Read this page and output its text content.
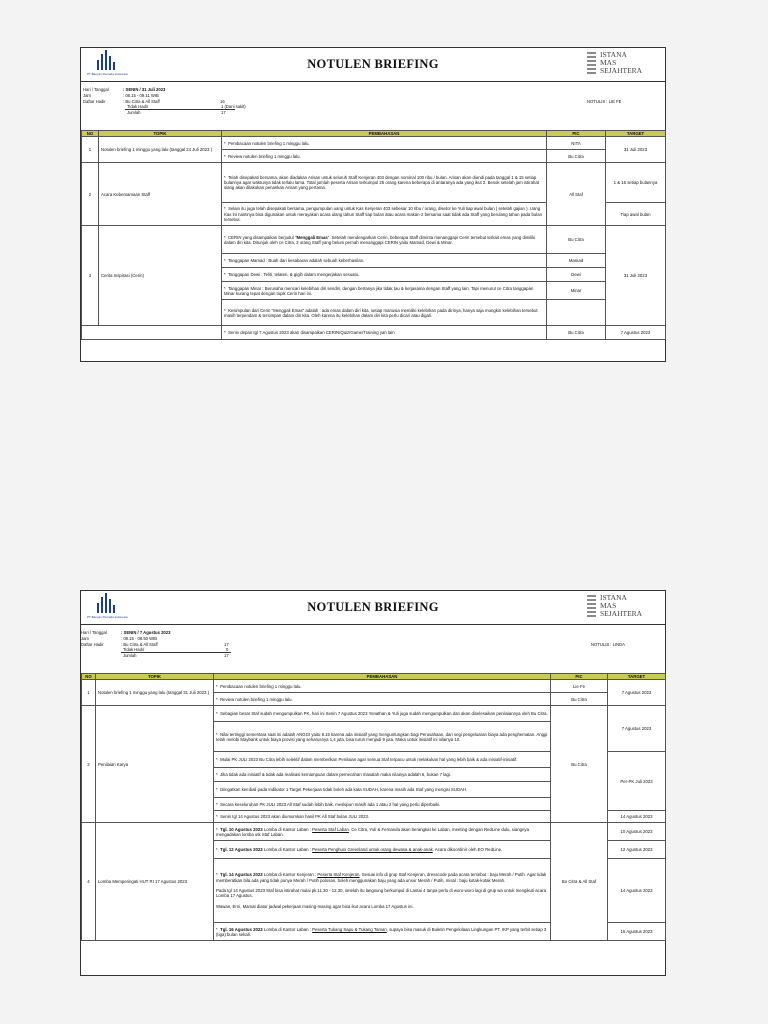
PT Banyan Persada Indonesia
NOTULEN BRIEFING
ISTANA
MAS
SEJAHTERA
Hari / Tanggal	: SENIN / 31 Juli 2023
Jam	: 08.15 - 09.11 WIB
Daftar Hadir	: Bu Citra & All Staff	16
Tidak Hadir	1 (Dani sakit)
Jumlah	17
NOTULIS : LIE FE
NO	TOPIK	PEMBAHASAN	PIC	TARGET
1	Notulen briefing 1 minggu yang lalu (tanggal 24 Juli 2023 )	* Pembacaan notulen briefing 1 minggu lalu.	NITA	31 Juli 2023
		* Review notulen briefing 1 minggu lalu.	Bu Citra	
2	Acara Kebersamaan Staff	* Telah disepakati bersama, akan diadakan Arisan untuk seluruh Staff Kenjeran 403 dengan nominal 100 ribu / bulan. Arisan akan diundi pada tanggal 1 & 15 setiap bulannya agar waktunya tidak terlalu lama. Total jumlah peserta Arisan terkumpul 25 orang karena beberapa di antaranya ada yang ikut 2. Besok setelah jam istirahat siang akan dilakukan penarikan Arisan yang pertama.	All Staf	1 & 15 setiap bulannya
		* Selain itu juga telah disepakati bersama, pengumpulan uang untuk Kas Kenjeran 403 sebesar 10 ribu / orang, disetor ke Yuli tiap awal bulan ( setelah gajian ). Uang Kas ini nantinya bisa digunakan untuk merayakan acara ulang tahun Staff tiap bulan atau acara makan-2 bersama saat tidak ada Staff yang berulang tahun pada bulan tersebut.		Tiap awal bulan
3	Cerita Inspirasi (Cerin)	* CERIN yang disampaikan berjudul "Menggali Emas". Setelah mendengarkan Cerin, beberapa Staff diminta menanggapi Cerin tersebut terkait emas yang dimiliki dalam diri kita. Ditunjuk oleh ce Citra, 3 orang Staff yang belum pernah menanggapi CERIN yaitu Mamad, Dewi & Minar.	Bu Citra	31 Juli 2023
		* Tanggapan Mamad : Buah dari kesabaran adalah sebuah keberhasilan.	Mamad	
		* Tanggapan Dewi : Teliti, telaten, & gigih dalam mengerjakan sesuatu.	Dewi	
		* Tanggapan Minar : Berusaha mencari kelebihan diri sendiri, dengan bertanya jika tidak tau & kerjasama dengan Staff yang lain. Tapi menurut ce Citra tanggapan Minar kurang tepat dengan topik Cerin hari ini.	Minar	
		* Kesimpulan dari Cerin "Menggali Emas" adalah : ada emas dalam diri kita, setiap manusia memiliki kelebihan pada dirinya, hanya saja mungkin kelebihan tersebut masih terpendam & tersimpan dalam diri kita. Oleh karena itu kelebihan dalam diri kita perlu dicari atau digali.		
		* Senin depan tgl 7 Agustus 2023 akan disampaikan CERIN/Quiz/Game/Training yan lain	Bu Citra	7 Agustus 2023
PT Banyan Persada Indonesia
NOTULEN BRIEFING
ISTANA
MAS
SEJAHTERA
Hari / Tanggal	: SENIN / 7 Agustus 2023
Jam	: 08.15 - 08.50 WIB
Daftar Hadir	: Bu Citra & All Staff	17
Tidak Hadir	0
Jumlah	17
NOTULIS : LINDA
NO	TOPIK	PEMBAHASAN	PIC	TARGET
1	Notulen briefing 1 minggu yang lalu (tanggal 31 Juli 2023 )	* Pembacaan notulen briefing 1 minggu lalu.	Lie Fe	7 Agustus 2023
		* Review notulen briefing 1 minggu lalu.	Bu Citra	
2	Penilaian Karya	* Sebagian besar Staf sudah mengumpulkan PK, hari ini Senin 7 Agustus 2023 Yonathan & Yuli juga sudah mengumpulkan dan akan diselesaikan penilaiannya oleh Bu Citra.	Bu Citra	7 Agustus 2023
		* Nilai tertinggi sementara saat ini adalah ANGGI yaitu 8.15 karena ada inisiatif yang menguntungkan bagi Perusahaan, dari segi pengeluaran biaya ada penghematan. Anggi telah melobi Maybank untuk biaya provisi yang seharusnya 1,4 juta, bisa turun menjadi 9 juta. Maka untuk inisiatif ini nilainya 10.		
		* Mulai PK JULI 2023 Bu Citra lebih selektif dalam memberikan Penilaian agar semua Staf terpacu untuk melakukan hal yang lebih baik & ada inisiatif-inisiatif.		Per-PK Juli 2023
		* Jika tidak ada inisiatif & tidak ada realisasi kemampuan dalam pemecahan masalah maka nilainya adalah 6, bukan 7 lagi.		
		* Diingatkan kembali pada Indikator 1 Target Pekerjaan tidak boleh ada kata SUDAH, karena masih ada Staf yang mengisi SUDAH.		
		* Secara keseluruhan PK JULI 2023 All Staf sudah lebih baik, meskipun masih ada 1 atau 2 hal yang perlu diperbaiki.		
		* Senin tgl 14 Agustus 2023 akan diumumkan hasil PK All Staf bulan JULI 2023.		14 Agustus 2023
4	Lomba Memperingati HUT RI 17 Agustus 2023	* Tgl. 10 Agustus 2023 Lomba di Kantor Laban : Peserta Staf Laban. Ce Citra, Yuli & Fernanda akan berangkat ke Laban, meeting dengan RedLine dulu, siangnya mengadakan lomba utk Staf Laban.	Bu Citra & All Staf	10 Agustus 2023
		* Tgl. 12 Agustus 2023 Lomba di Kantor Laban : Peserta Penghuni Greenland untuk orang dewasa & anak-anak. Acara dikoordinir oleh EO RedLine.		12 Agustus 2023
		* Tgl. 14 Agustus 2023 Lomba di Kantor Kenjeran : Peserta Staf Kenjeran. Sesuai info di grup Staf Kenjeran, dresscode pada acara tersebut : baju Merah / Putih. Agar tidak memberatkan bila ada yang tidak punya Merah / Putih polosan, boleh menggunakan baju yang ada unsur Merah / Putih, misal : baju kotak-kotak Merah.

Pada tgl 14 Agustus 2023 Staf bisa istirahat mulai pk.11.30 - 12.30, setelah itu langsung berkumpul di Lantai 4 tanpa perlu di woro-woro lagi di grup wa untuk mengikuti acara Lomba 17 Agustus.

Wawan, Erni, Mamat diatur jadwal pekerjaan masing-masing agar bisa ikut acara Lomba 17 Agustus ini.		14 Agustus 2023
		* Tgl. 16 Agustus 2023 Lomba di Kantor Laban : Peserta Tukang Sapu & Tukang Taman, supaya bisa masuk di Buletin Pengelolaan Lingkungan PT. IKP yang terbit setiap 3 (tiga) bulan sekali.		16 Agustus 2023
